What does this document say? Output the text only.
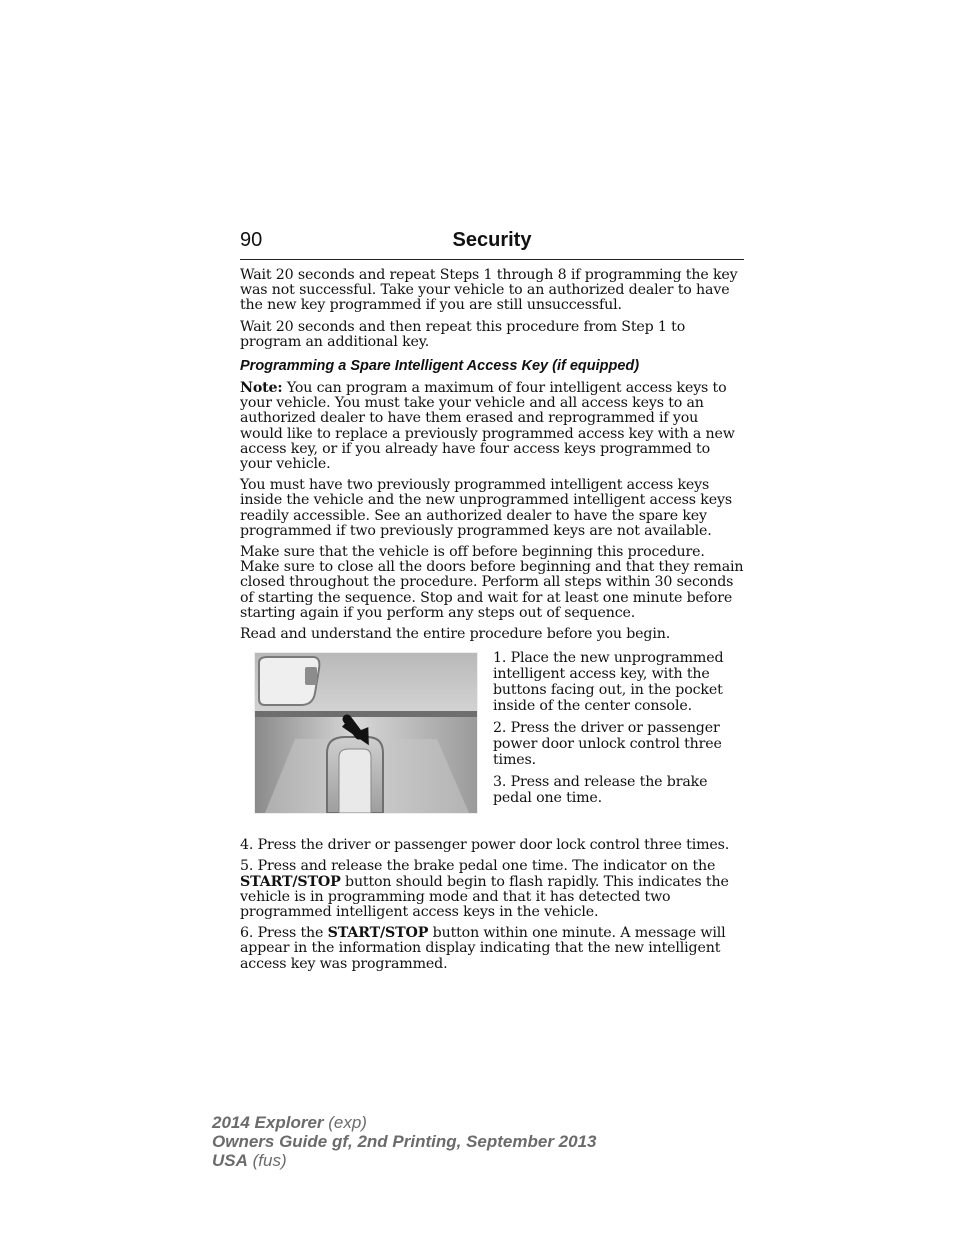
90	Security

Wait 20 seconds and repeat Steps 1 through 8 if programming the key was not successful. Take your vehicle to an authorized dealer to have the new key programmed if you are still unsuccessful.

Wait 20 seconds and then repeat this procedure from Step 1 to program an additional key.

Programming a Spare Intelligent Access Key (if equipped)

Note: You can program a maximum of four intelligent access keys to your vehicle. You must take your vehicle and all access keys to an authorized dealer to have them erased and reprogrammed if you would like to replace a previously programmed access key with a new access key, or if you already have four access keys programmed to your vehicle.

You must have two previously programmed intelligent access keys inside the vehicle and the new unprogrammed intelligent access keys readily accessible. See an authorized dealer to have the spare key programmed if two previously programmed keys are not available.

Make sure that the vehicle is off before beginning this procedure. Make sure to close all the doors before beginning and that they remain closed throughout the procedure. Perform all steps within 30 seconds of starting the sequence. Stop and wait for at least one minute before starting again if you perform any steps out of sequence.

Read and understand the entire procedure before you begin.

1. Place the new unprogrammed intelligent access key, with the buttons facing out, in the pocket inside of the center console.

2. Press the driver or passenger power door unlock control three times.

3. Press and release the brake pedal one time.

4. Press the driver or passenger power door lock control three times.

5. Press and release the brake pedal one time. The indicator on the START/STOP button should begin to flash rapidly. This indicates the vehicle is in programming mode and that it has detected two programmed intelligent access keys in the vehicle.

6. Press the START/STOP button within one minute. A message will appear in the information display indicating that the new intelligent access key was programmed.

2014 Explorer (exp)
Owners Guide gf, 2nd Printing, September 2013
USA (fus)
